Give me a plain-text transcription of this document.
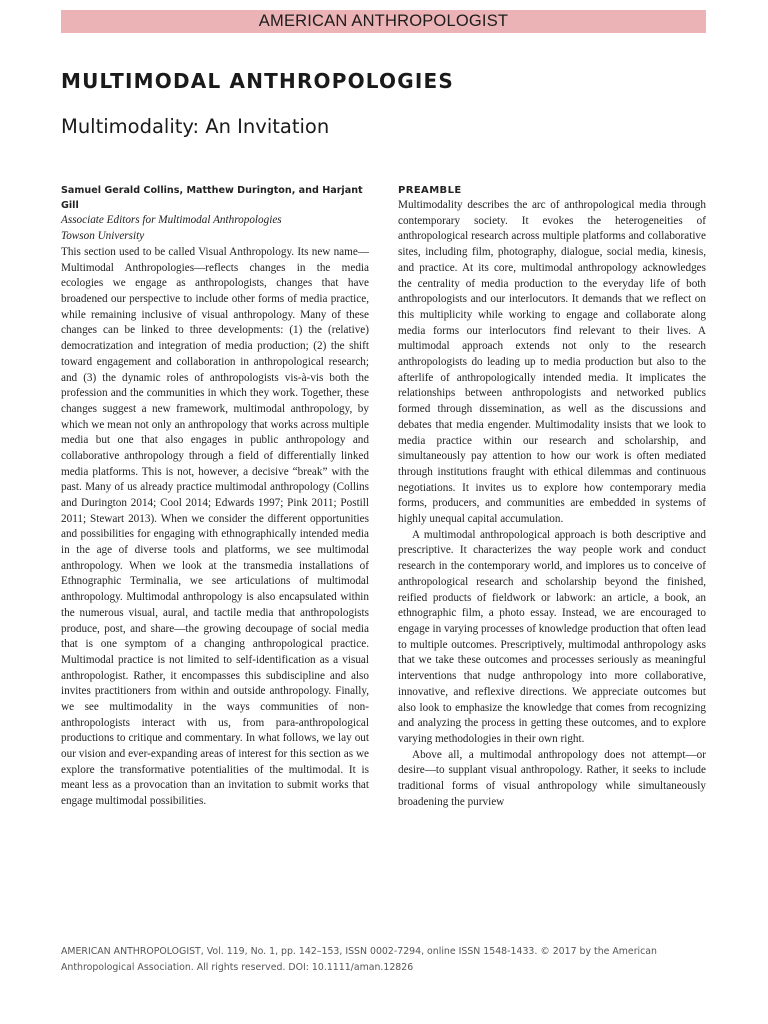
AMERICAN ANTHROPOLOGIST
MULTIMODAL ANTHROPOLOGIES
Multimodality: An Invitation

Samuel Gerald Collins, Matthew Durington, and Harjant Gill

Associate Editors for Multimodal Anthropologies

Towson University

This section used to be called Visual Anthropology. Its new name—Multimodal Anthropologies—reflects changes in the media ecologies we engage as anthropologists, changes that have broadened our perspective to include other forms of media practice, while remaining inclusive of visual anthropology. Many of these changes can be linked to three developments: (1) the (relative) democratization and integration of media production; (2) the shift toward engagement and collaboration in anthropological research; and (3) the dynamic roles of anthropologists vis-à-vis both the profession and the communities in which they work. Together, these changes suggest a new framework, multimodal anthropology, by which we mean not only an anthropology that works across multiple media but one that also engages in public anthropology and collaborative anthropology through a field of differentially linked media platforms. This is not, however, a decisive “break” with the past. Many of us already practice multimodal anthropology (Collins and Durington 2014; Cool 2014; Edwards 1997; Pink 2011; Postill 2011; Stewart 2013). When we consider the different opportunities and possibilities for engaging with ethnographically intended media in the age of diverse tools and platforms, we see multimodal anthropology. When we look at the transmedia installations of Ethnographic Terminalia, we see articulations of multimodal anthropology. Multimodal anthropology is also encapsulated within the numerous visual, aural, and tactile media that anthropologists produce, post, and share—the growing decoupage of social media that is one symptom of a changing anthropological practice. Multimodal practice is not limited to self-identification as a visual anthropologist. Rather, it encompasses this subdiscipline and also invites practitioners from within and outside anthropology. Finally, we see multimodality in the ways communities of non-anthropologists interact with us, from para-anthropological productions to critique and commentary. In what follows, we lay out our vision and ever-expanding areas of interest for this section as we explore the transformative potentialities of the multimodal. It is meant less as a provocation than an invitation to submit works that engage multimodal possibilities.

PREAMBLE

Multimodality describes the arc of anthropological media through contemporary society. It evokes the heterogeneities of anthropological research across multiple platforms and collaborative sites, including film, photography, dialogue, social media, kinesis, and practice. At its core, multimodal anthropology acknowledges the centrality of media production to the everyday life of both anthropologists and our interlocutors. It demands that we reflect on this multiplicity while working to engage and collaborate along media forms our interlocutors find relevant to their lives. A multimodal approach extends not only to the research anthropologists do leading up to media production but also to the afterlife of anthropologically intended media. It implicates the relationships between anthropologists and networked publics formed through dissemination, as well as the discussions and debates that media engender. Multimodality insists that we look to media practice within our research and scholarship, and simultaneously pay attention to how our work is often mediated through institutions fraught with ethical dilemmas and continuous negotiations. It invites us to explore how contemporary media forms, producers, and communities are embedded in systems of highly unequal capital accumulation.

A multimodal anthropological approach is both descriptive and prescriptive. It characterizes the way people work and conduct research in the contemporary world, and implores us to conceive of anthropological research and scholarship beyond the finished, reified products of fieldwork or labwork: an article, a book, an ethnographic film, a photo essay. Instead, we are encouraged to engage in varying processes of knowledge production that often lead to multiple outcomes. Prescriptively, multimodal anthropology asks that we take these outcomes and processes seriously as meaningful interventions that nudge anthropology into more collaborative, innovative, and reflexive directions. We appreciate outcomes but also look to emphasize the knowledge that comes from recognizing and analyzing the process in getting these outcomes, and to explore varying methodologies in their own right.

Above all, a multimodal anthropology does not attempt—or desire—to supplant visual anthropology. Rather, it seeks to include traditional forms of visual anthropology while simultaneously broadening the purview

AMERICAN ANTHROPOLOGIST, Vol. 119, No. 1, pp. 142–153, ISSN 0002-7294, online ISSN 1548-1433. © 2017 by the American Anthropological Association. All rights reserved. DOI: 10.1111/aman.12826
